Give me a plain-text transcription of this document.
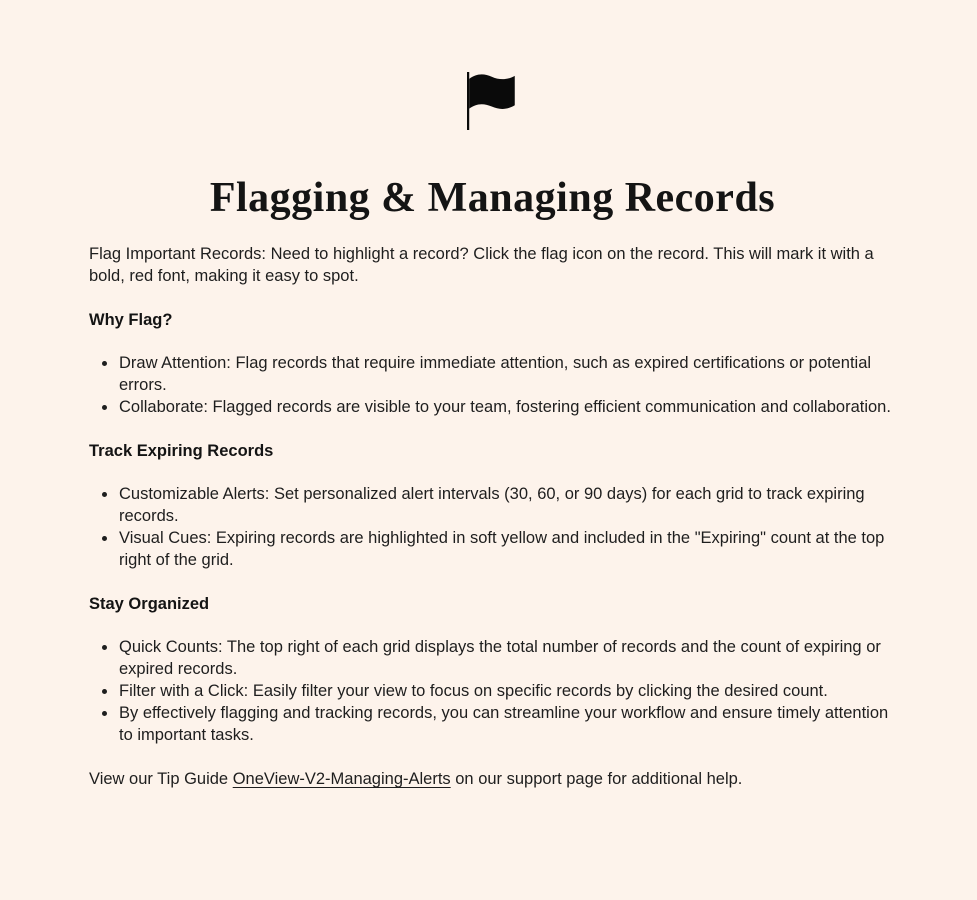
Flagging & Managing Records

Flag Important Records: Need to highlight a record? Click the flag icon on the record. This will mark it with a bold, red font, making it easy to spot.

Why Flag?
• Draw Attention: Flag records that require immediate attention, such as expired certifications or potential errors.
• Collaborate: Flagged records are visible to your team, fostering efficient communication and collaboration.
Track Expiring Records
• Customizable Alerts: Set personalized alert intervals (30, 60, or 90 days) for each grid to track expiring records.
• Visual Cues: Expiring records are highlighted in soft yellow and included in the "Expiring" count at the top right of the grid.
Stay Organized
• Quick Counts: The top right of each grid displays the total number of records and the count of expiring or expired records.
• Filter with a Click: Easily filter your view to focus on specific records by clicking the desired count.
• By effectively flagging and tracking records, you can streamline your workflow and ensure timely attention to important tasks.

View our Tip Guide OneView-V2-Managing-Alerts on our support page for additional help.
